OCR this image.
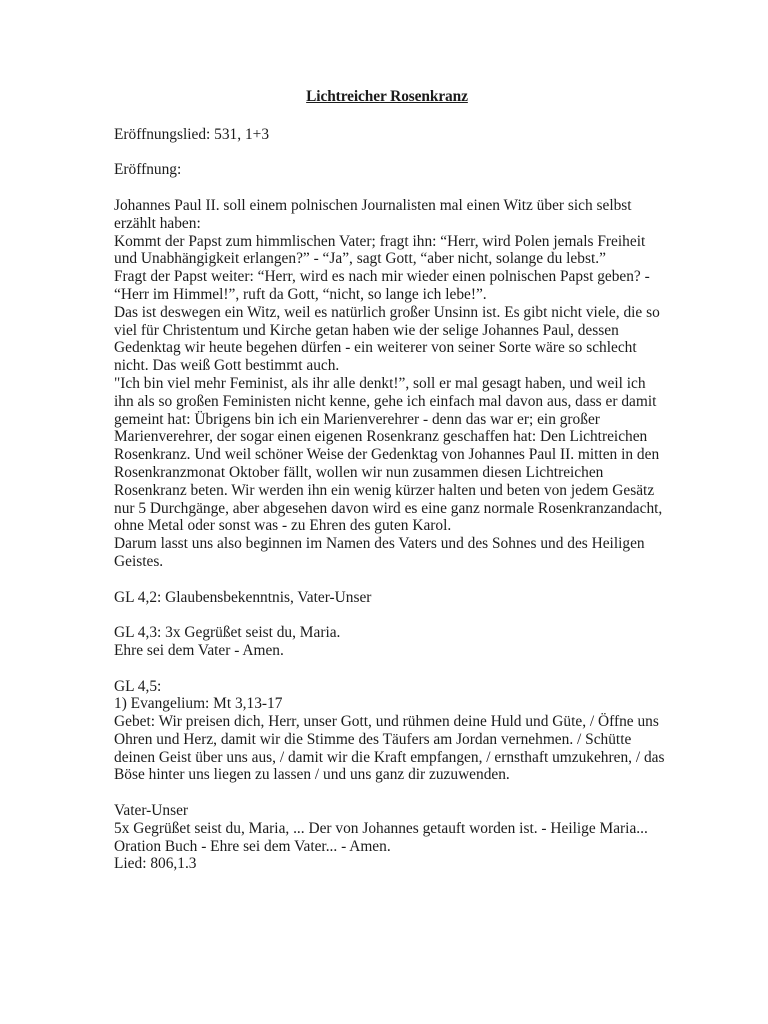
Lichtreicher Rosenkranz
Eröffnungslied: 531, 1+3
Eröffnung:
Johannes Paul II. soll einem polnischen Journalisten mal einen Witz über sich selbst
erzählt haben:
Kommt der Papst zum himmlischen Vater; fragt ihn: “Herr, wird Polen jemals Freiheit
und Unabhängigkeit erlangen?” - “Ja”, sagt Gott, “aber nicht, solange du lebst.”
Fragt der Papst weiter: “Herr, wird es nach mir wieder einen polnischen Papst geben? -
“Herr im Himmel!”, ruft da Gott, “nicht, so lange ich lebe!”.
Das ist deswegen ein Witz, weil es natürlich großer Unsinn ist. Es gibt nicht viele, die so
viel für Christentum und Kirche getan haben wie der selige Johannes Paul, dessen
Gedenktag wir heute begehen dürfen - ein weiterer von seiner Sorte wäre so schlecht
nicht. Das weiß Gott bestimmt auch.
"Ich bin viel mehr Feminist, als ihr alle denkt!”, soll er mal gesagt haben, und weil ich
ihn als so großen Feministen nicht kenne, gehe ich einfach mal davon aus, dass er damit
gemeint hat: Übrigens bin ich ein Marienverehrer - denn das war er; ein großer
Marienverehrer, der sogar einen eigenen Rosenkranz geschaffen hat: Den Lichtreichen
Rosenkranz. Und weil schöner Weise der Gedenktag von Johannes Paul II. mitten in den
Rosenkranzmonat Oktober fällt, wollen wir nun zusammen diesen Lichtreichen
Rosenkranz beten. Wir werden ihn ein wenig kürzer halten und beten von jedem Gesätz
nur 5 Durchgänge, aber abgesehen davon wird es eine ganz normale Rosenkranzandacht,
ohne Metal oder sonst was - zu Ehren des guten Karol.
Darum lasst uns also beginnen im Namen des Vaters und des Sohnes und des Heiligen
Geistes.
GL 4,2: Glaubensbekenntnis, Vater-Unser
GL 4,3: 3x Gegrüßet seist du, Maria.
Ehre sei dem Vater - Amen.
GL 4,5:
1) Evangelium: Mt 3,13-17
Gebet: Wir preisen dich, Herr, unser Gott, und rühmen deine Huld und Güte, / Öffne uns
Ohren und Herz, damit wir die Stimme des Täufers am Jordan vernehmen. / Schütte
deinen Geist über uns aus, / damit wir die Kraft empfangen, / ernsthaft umzukehren, / das
Böse hinter uns liegen zu lassen / und uns ganz dir zuzuwenden.
Vater-Unser
5x Gegrüßet seist du, Maria, ... Der von Johannes getauft worden ist. - Heilige Maria...
Oration Buch - Ehre sei dem Vater... - Amen.
Lied: 806,1.3
